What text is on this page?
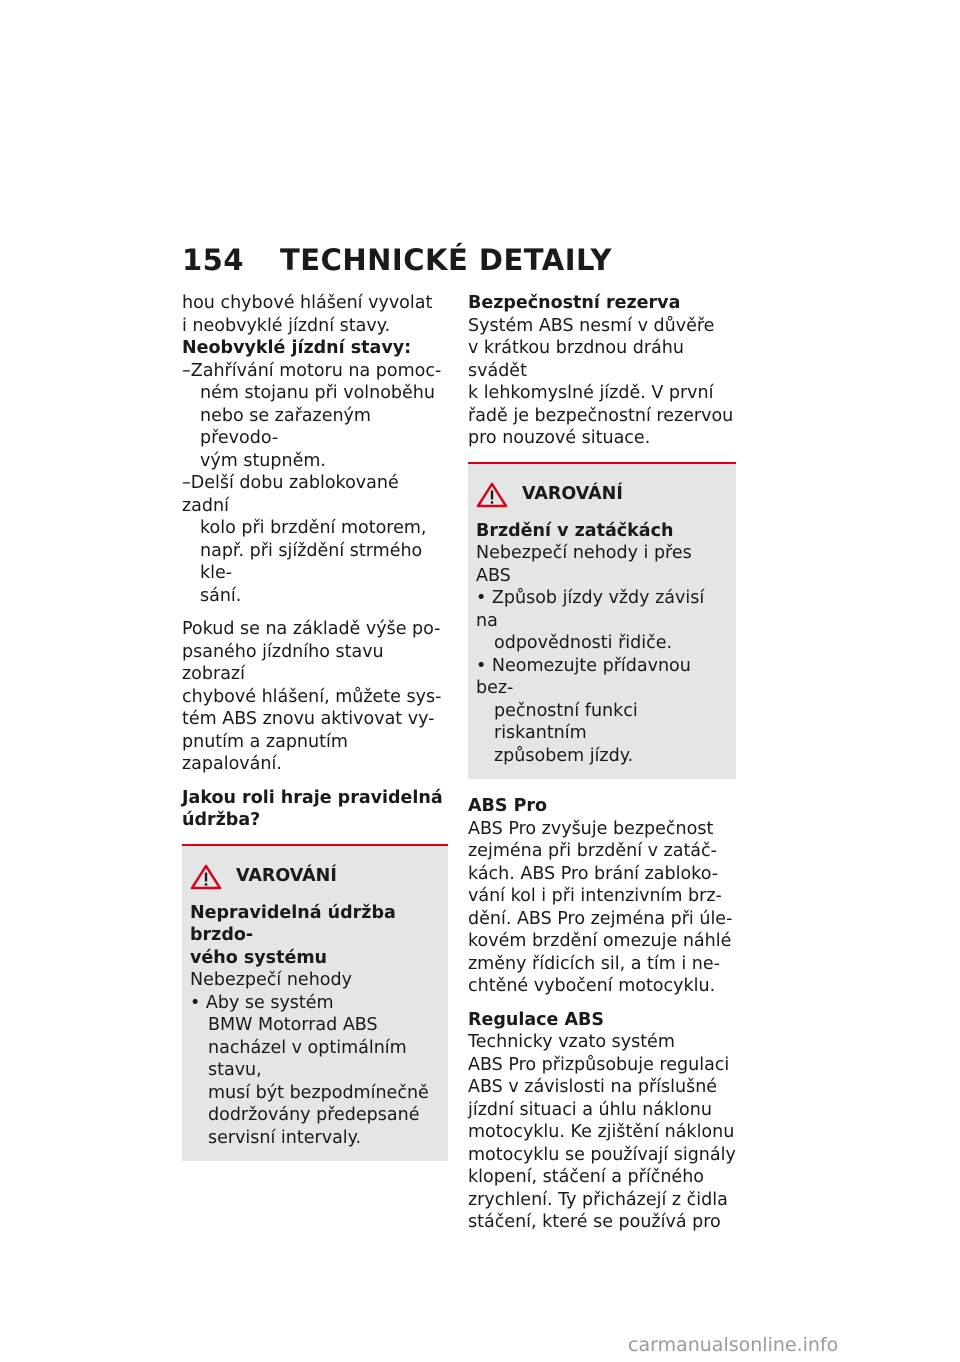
154 TECHNICKÉ DETAILY

hou chybové hlášení vyvolat

i neobvyklé jízdní stavy.

Neobvyklé jízdní stavy:

–Zahřívání motoru na pomoc-

ném stojanu při volnoběhu

nebo se zařazeným převodo-

vým stupněm.

–Delší dobu zablokované zadní

kolo při brzdění motorem,

např. při sjíždění strmého kle-

sání.

Pokud se na základě výše po-

psaného jízdního stavu zobrazí

chybové hlášení, můžete sys-

tém ABS znovu aktivovat vy-

pnutím a zapnutím zapalování.

Jakou roli hraje pravidelná

údržba?

VAROVÁNÍ

Nepravidelná údržba brzdo-

vého systému

Nebezpečí nehody

• Aby se systém

BMW Motorrad ABS

nacházel v optimálním stavu,

musí být bezpodmínečně

dodržovány předepsané

servisní intervaly.

Bezpečnostní rezerva

Systém ABS nesmí v důvěře

v krátkou brzdnou dráhu svádět

k lehkomyslné jízdě. V první

řadě je bezpečnostní rezervou

pro nouzové situace.

VAROVÁNÍ

Brzdění v zatáčkách

Nebezpečí nehody i přes ABS

• Způsob jízdy vždy závisí na

odpovědnosti řidiče.

• Neomezujte přídavnou bez-

pečnostní funkci riskantním

způsobem jízdy.

ABS Pro

ABS Pro zvyšuje bezpečnost

zejména při brzdění v zatáč-

kách. ABS Pro brání zabloko-

vání kol i při intenzivním brz-

dění. ABS Pro zejména při úle-

kovém brzdění omezuje náhlé

změny řídicích sil, a tím i ne-

chtěné vybočení motocyklu.

Regulace ABS

Technicky vzato systém

ABS Pro přizpůsobuje regulaci

ABS v závislosti na příslušné

jízdní situaci a úhlu náklonu

motocyklu. Ke zjištění náklonu

motocyklu se používají signály

klopení, stáčení a příčného

zrychlení. Ty přicházejí z čidla

stáčení, které se používá pro

carmanualsonline.info
